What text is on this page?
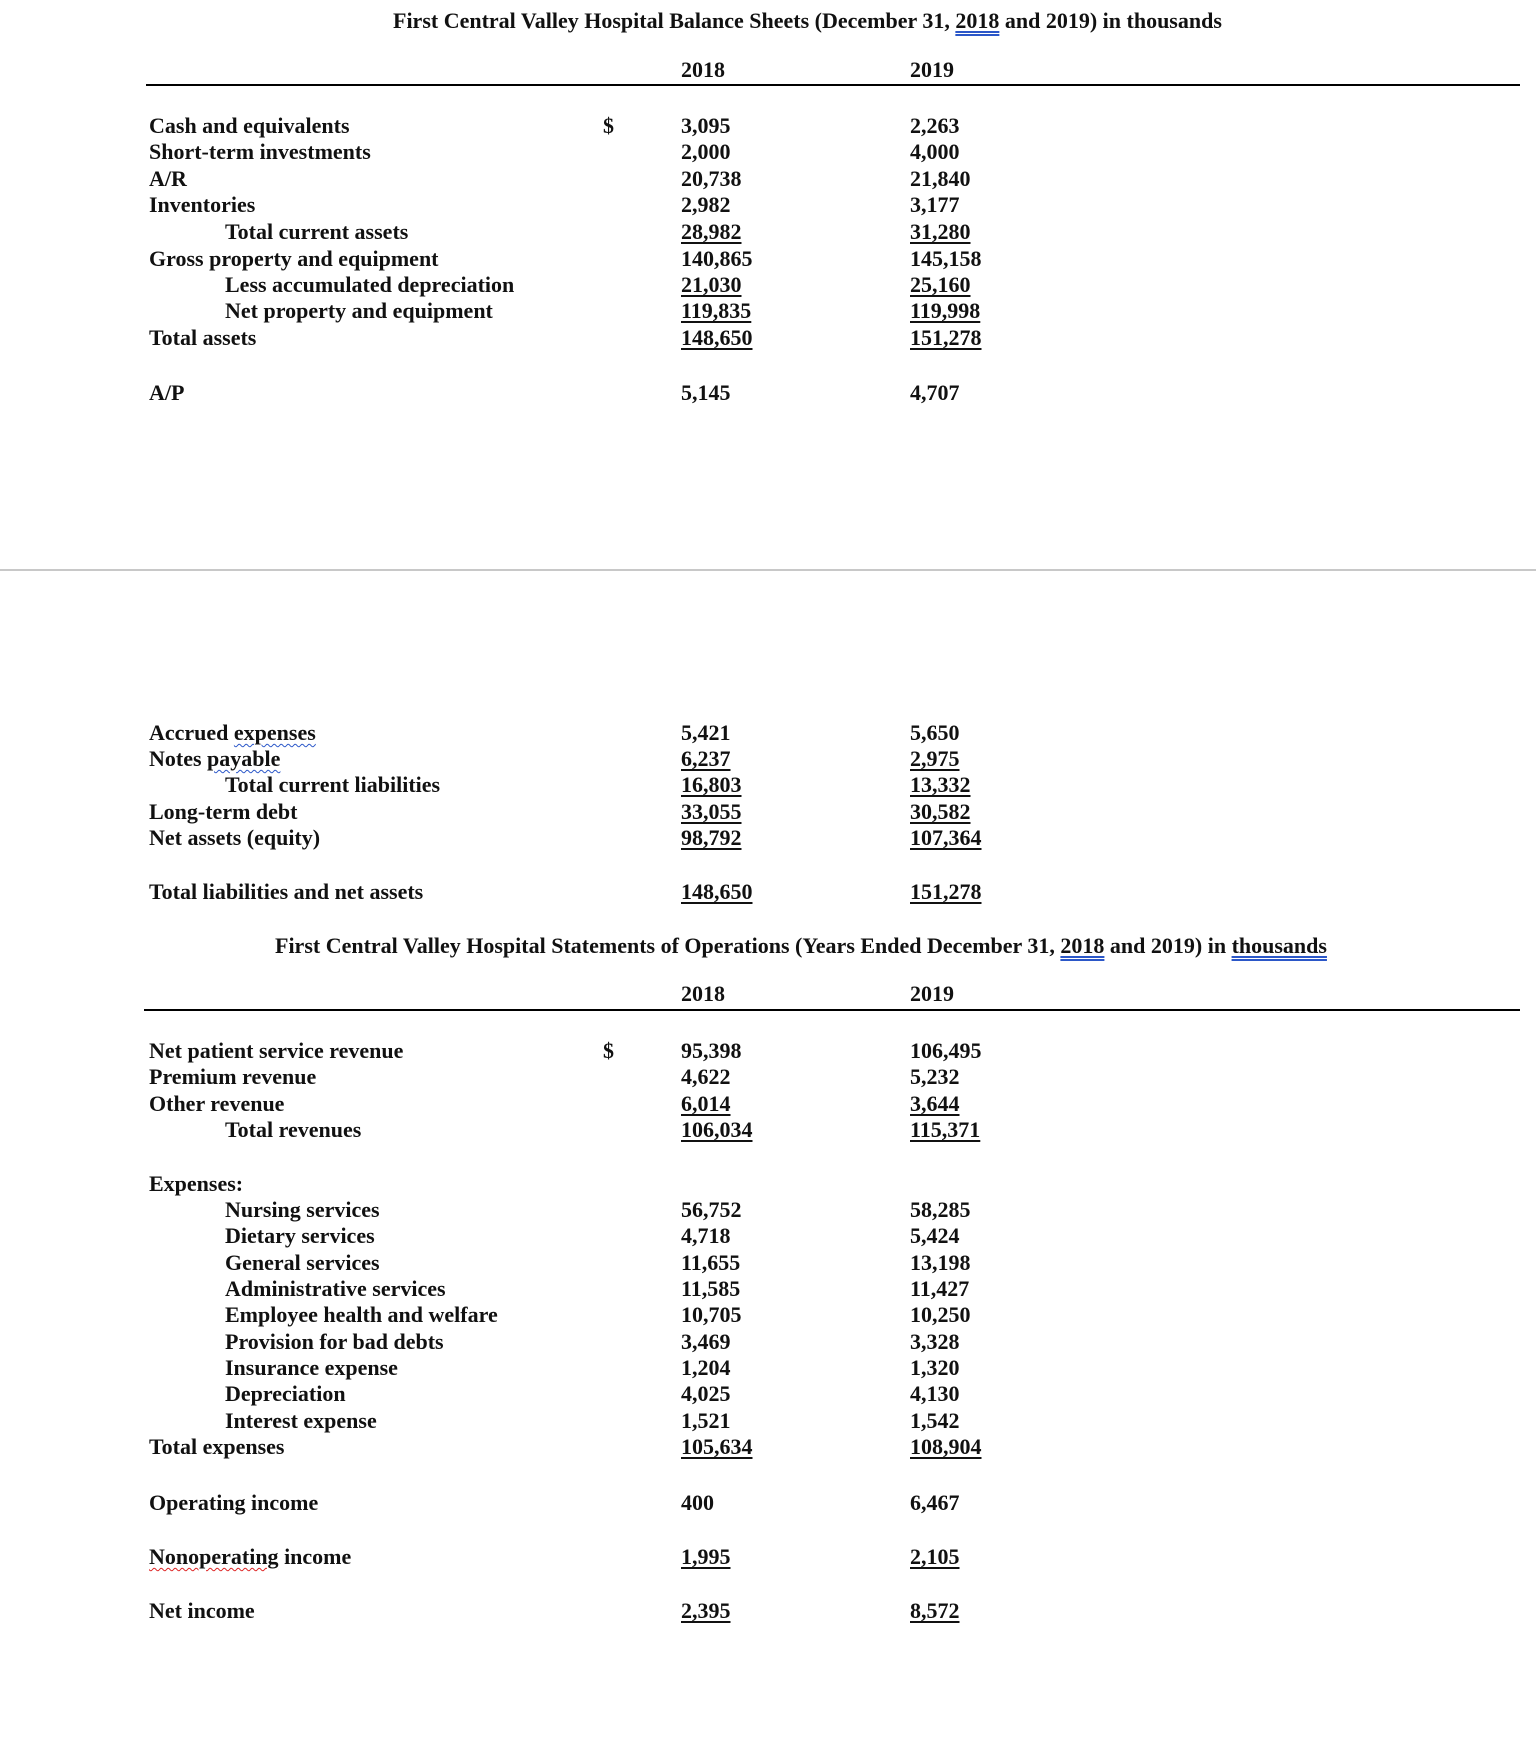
First Central Valley Hospital Balance Sheets (December 31, 2018 and 2019) in thousands
2018	2019
$
Cash and equivalents	3,095	2,263
Short-term investments	2,000	4,000
A/R	20,738	21,840
Inventories	2,982	3,177
Total current assets	28,982	31,280
Gross property and equipment	140,865	145,158
Less accumulated depreciation	21,030	25,160
Net property and equipment	119,835	119,998
Total assets	148,650	151,278
A/P	5,145	4,707
Accrued expenses	5,421	5,650
Notes payable	6,237	2,975
Total current liabilities	16,803	13,332
Long-term debt	33,055	30,582
Net assets (equity)	98,792	107,364
Total liabilities and net assets	148,650	151,278
First Central Valley Hospital Statements of Operations (Years Ended December 31, 2018 and 2019) in thousands
2018	2019
$
Net patient service revenue	95,398	106,495
Premium revenue	4,622	5,232
Other revenue	6,014	3,644
Total revenues	106,034	115,371
Expenses:
Nursing services	56,752	58,285
Dietary services	4,718	5,424
General services	11,655	13,198
Administrative services	11,585	11,427
Employee health and welfare	10,705	10,250
Provision for bad debts	3,469	3,328
Insurance expense	1,204	1,320
Depreciation	4,025	4,130
Interest expense	1,521	1,542
Total expenses	105,634	108,904
Operating income	400	6,467
Nonoperating income	1,995	2,105
Net income	2,395	8,572
